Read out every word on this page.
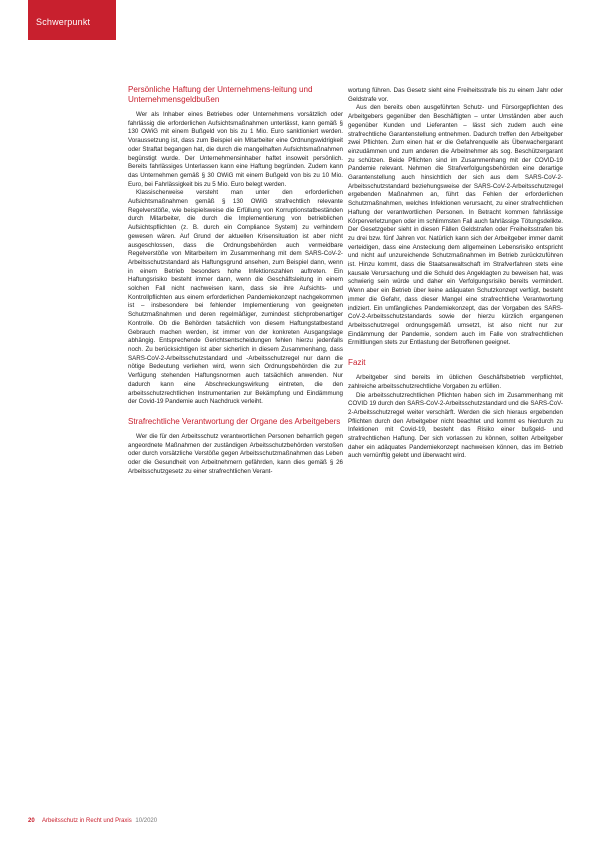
Schwerpunkt
Persönliche Haftung der Unternehmens-leitung und Unternehmensgeldbußen

Wer als Inhaber eines Betriebes oder Unternehmens vorsätzlich oder fahrlässig die erforderlichen Aufsichtsmaßnahmen unterlässt, kann gemäß § 130 OWiG mit einem Bußgeld von bis zu 1 Mio. Euro sanktioniert werden. Voraussetzung ist, dass zum Beispiel ein Mitarbeiter eine Ordnungswidrigkeit oder Straftat begangen hat, die durch die mangelhaften Aufsichtsmaßnahmen begünstigt wurde. Der Unternehmensinhaber haftet insoweit persönlich. Bereits fahrlässiges Unterlassen kann eine Haftung begründen. Zudem kann das Unternehmen gemäß § 30 OWiG mit einem Bußgeld von bis zu 10 Mio. Euro, bei Fahrlässigkeit bis zu 5 Mio. Euro belegt werden.

Klassischerweise versteht man unter den erforderlichen Aufsichtsmaßnahmen gemäß § 130 OWiG strafrechtlich relevante Regelverstöße, wie beispielsweise die Erfüllung von Korruptionstatbeständen durch Mitarbeiter, die durch die Implementierung von betrieblichen Aufsichtspflichten (z. B. durch ein Compliance System) zu verhindern gewesen wären. Auf Grund der aktuellen Krisensituation ist aber nicht ausgeschlossen, dass die Ordnungsbehörden auch vermeidbare Regelverstöße von Mitarbeitern im Zusammenhang mit dem SARS-CoV-2-Arbeitsschutzstandard als Haftungsgrund ansehen, zum Beispiel dann, wenn in einem Betrieb besonders hohe Infektionszahlen auftreten. Ein Haftungsrisiko besteht immer dann, wenn die Geschäftsleitung in einem solchen Fall nicht nachweisen kann, dass sie ihre Aufsichts- und Kontrollpflichten aus einem erforderlichen Pandemiekonzept nachgekommen ist – insbesondere bei fehlender Implementierung von geeigneten Schutzmaßnahmen und deren regelmäßiger, zumindest stichprobenartiger Kontrolle. Ob die Behörden tatsächlich von diesem Haftungstatbestand Gebrauch machen werden, ist immer von der konkreten Ausgangslage abhängig. Entsprechende Gerichtsentscheidungen fehlen hierzu jedenfalls noch. Zu berücksichtigen ist aber sicherlich in diesem Zusammenhang, dass SARS-CoV-2-Arbeitsschutzstandard und -Arbeitsschutzregel nur dann die nötige Bedeutung verliehen wird, wenn sich Ordnungsbehörden die zur Verfügung stehenden Haftungsnormen auch tatsächlich anwenden. Nur dadurch kann eine Abschreckungswirkung eintreten, die den arbeitsschutzrechtlichen Instrumentarien zur Bekämpfung und Eindämmung der Covid-19 Pandemie auch Nachdruck verleiht.

Strafrechtliche Verantwortung der Organe des Arbeitgebers

Wer die für den Arbeitsschutz verantwortlichen Personen beharrlich gegen angeordnete Maßnahmen der zuständigen Arbeitsschutzbehörden verstoßen oder durch vorsätzliche Verstöße gegen Arbeitsschutzmaßnahmen das Leben oder die Gesundheit von Arbeitnehmern gefährden, kann dies gemäß § 26 Arbeitsschutzgesetz zu einer strafrechtlichen Verant-

wortung führen. Das Gesetz sieht eine Freiheitsstrafe bis zu einem Jahr oder Geldstrafe vor.

Aus den bereits oben ausgeführten Schutz- und Fürsorgepflichten des Arbeitgebers gegenüber den Beschäftigten – unter Umständen aber auch gegenüber Kunden und Lieferanten – lässt sich zudem auch eine strafrechtliche Garantenstellung entnehmen. Dadurch treffen den Arbeitgeber zwei Pflichten. Zum einen hat er die Gefahrenquelle als Überwachergarant einzudämmen und zum anderen die Arbeitnehmer als sog. Beschützergarant zu schützen. Beide Pflichten sind im Zusammenhang mit der COVID-19 Pandemie relevant. Nehmen die Strafverfolgungsbehörden eine derartige Garantenstellung auch hinsichtlich der sich aus dem SARS-CoV-2-Arbeitsschutzstandard beziehungsweise der SARS-CoV-2-Arbeitsschutzregel ergebenden Maßnahmen an, führt das Fehlen der erforderlichen Schutzmaßnahmen, welches Infektionen verursacht, zu einer strafrechtlichen Haftung der verantwortlichen Personen. In Betracht kommen fahrlässige Körperverletzungen oder im schlimmsten Fall auch fahrlässige Tötungsdelikte. Der Gesetzgeber sieht in diesen Fällen Geldstrafen oder Freiheitsstrafen bis zu drei bzw. fünf Jahren vor. Natürlich kann sich der Arbeitgeber immer damit verteidigen, dass eine Ansteckung dem allgemeinen Lebensrisiko entspricht und nicht auf unzureichende Schutzmaßnahmen im Betrieb zurückzuführen ist. Hinzu kommt, dass die Staatsanwaltschaft im Strafverfahren stets eine kausale Verursachung und die Schuld des Angeklagten zu beweisen hat, was schwierig sein würde und daher ein Verfolgungsrisiko bereits vermindert. Wenn aber ein Betrieb über keine adäquaten Schutzkonzept verfügt, besteht immer die Gefahr, dass dieser Mangel eine strafrechtliche Verantwortung indiziert. Ein umfängliches Pandemiekonzept, das der Vorgaben des SARS-CoV-2-Arbeitsschutzstandards sowie der hierzu kürzlich ergangenen Arbeitsschutzregel ordnungsgemäß umsetzt, ist also nicht nur zur Eindämmung der Pandemie, sondern auch im Falle von strafrechtlichen Ermittlungen stets zur Entlastung der Betroffenen geeignet.

Fazit

Arbeitgeber sind bereits im üblichen Geschäftsbetrieb verpflichtet, zahlreiche arbeitsschutzrechtliche Vorgaben zu erfüllen.

Die arbeitsschutzrechtlichen Pflichten haben sich im Zusammenhang mit COVID 19 durch den SARS-CoV-2-Arbeitsschutzstandard und die SARS-CoV-2-Arbeitsschutzregel weiter verschärft. Werden die sich hieraus ergebenden Pflichten durch den Arbeitgeber nicht beachtet und kommt es hierdurch zu Infektionen mit Covid-19, besteht das Risiko einer bußgeld- und strafrechtlichen Haftung. Der sich vorlassen zu können, sollten Arbeitgeber daher ein adäquates Pandemiekonzept nachweisen können, das im Betrieb auch vernünftig gelebt und überwacht wird.

20 Arbeitsschutz in Recht und Praxis 10/2020
